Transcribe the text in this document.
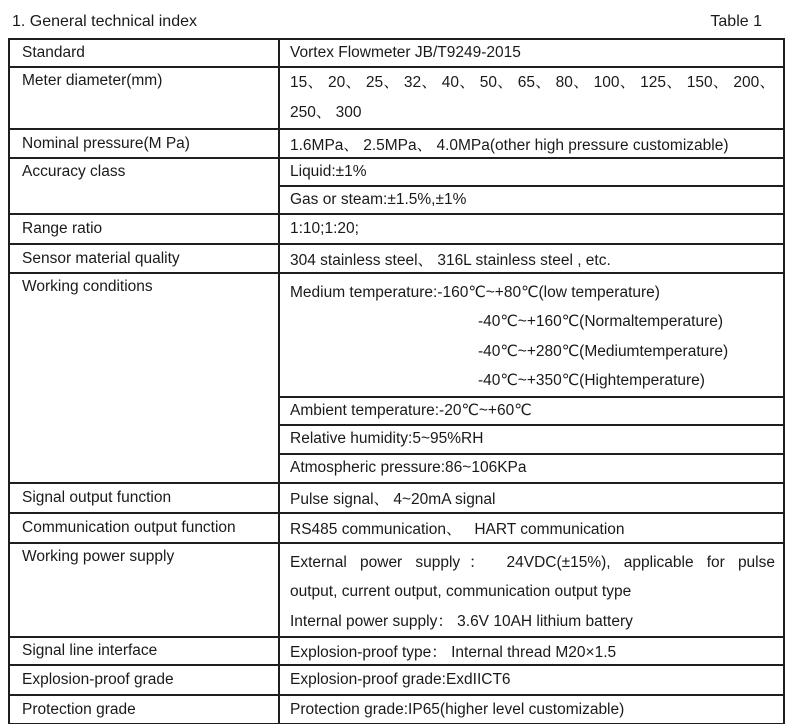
1. General technical index	Table 1
Standard	Vortex Flowmeter JB/T9249-2015
Meter diameter(mm)	15、 20、 25、 32、 40、 50、 65、 80、 100、 125、 150、 200、
250、 300

Nominal pressure(M Pa)	1.6MPa、 2.5MPa、 4.0MPa(other high pressure customizable)
Accuracy class	Liquid:±1%
	Gas or steam:±1.5%,±1%
Range ratio	1:10;1:20;
Sensor material quality	304 stainless steel、 316L stainless steel , etc.
Working conditions	Medium temperature:-160℃~+80℃(low temperature)
-40℃~+160℃(Normaltemperature)
-40℃~+280℃(Mediumtemperature)
-40℃~+350℃(Hightemperature)

	Ambient temperature:-20℃~+60℃
	Relative humidity:5~95%RH
	Atmospheric pressure:86~106KPa
Signal output function	Pulse signal、 4~20mA signal
Communication output function	RS485 communication、   HART communication
Working power supply	External power supply： 24VDC(±15%), applicable for pulse
output, current output, communication output type
Internal power supply： 3.6V 10AH lithium battery

Signal line interface	Explosion-proof type： Internal thread M20×1.5
Explosion-proof grade	Explosion-proof grade:ExdIICT6
Protection grade	Protection grade:IP65(higher level customizable)
